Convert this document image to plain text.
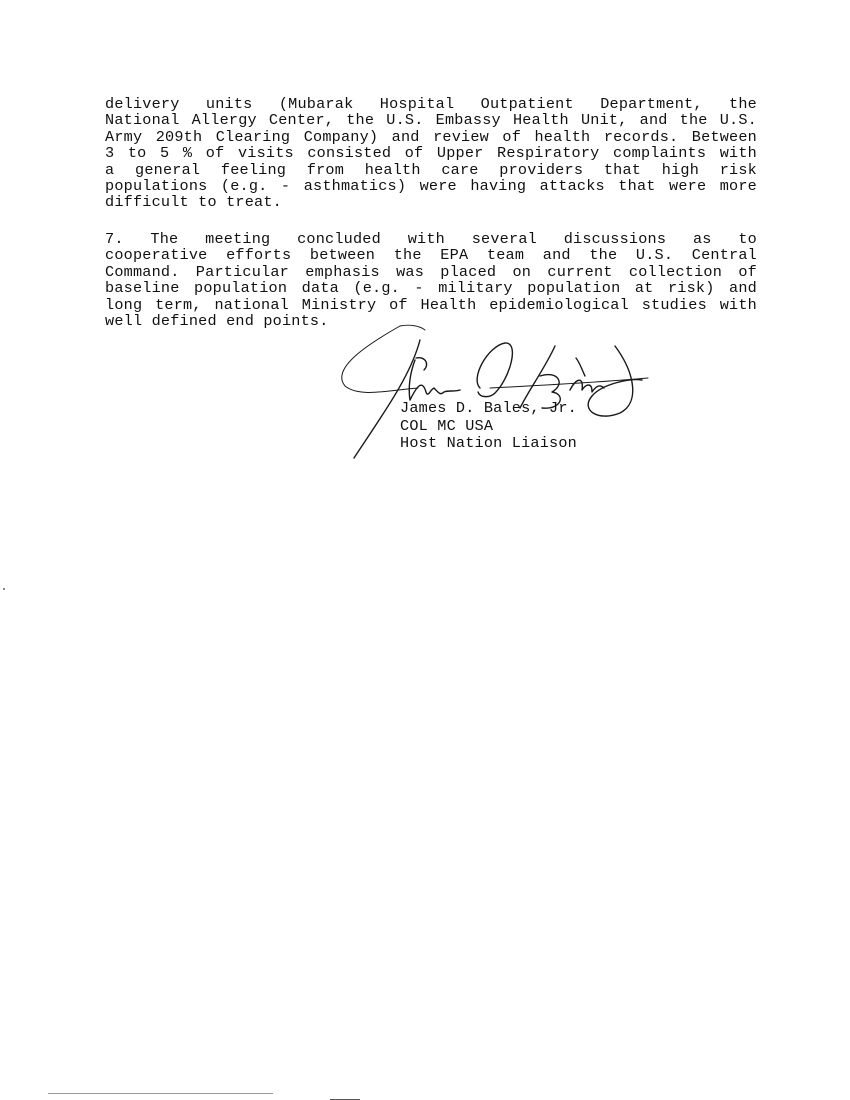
delivery units (Mubarak Hospital Outpatient Department, the
National Allergy Center, the U.S. Embassy Health Unit, and the U.S.
Army 209th Clearing Company) and review of health records. Between
3 to 5 % of visits consisted of Upper Respiratory complaints with
a general feeling from health care providers that high risk
populations (e.g. - asthmatics) were having attacks that were more
difficult to treat.
7. The meeting concluded with several discussions as to
cooperative efforts between the EPA team and the U.S. Central
Command. Particular emphasis was placed on current collection of
baseline population data (e.g. - military population at risk) and
long term, national Ministry of Health epidemiological studies with
well defined end points.
James D. Bales, Jr.
COL MC USA
Host Nation Liaison
